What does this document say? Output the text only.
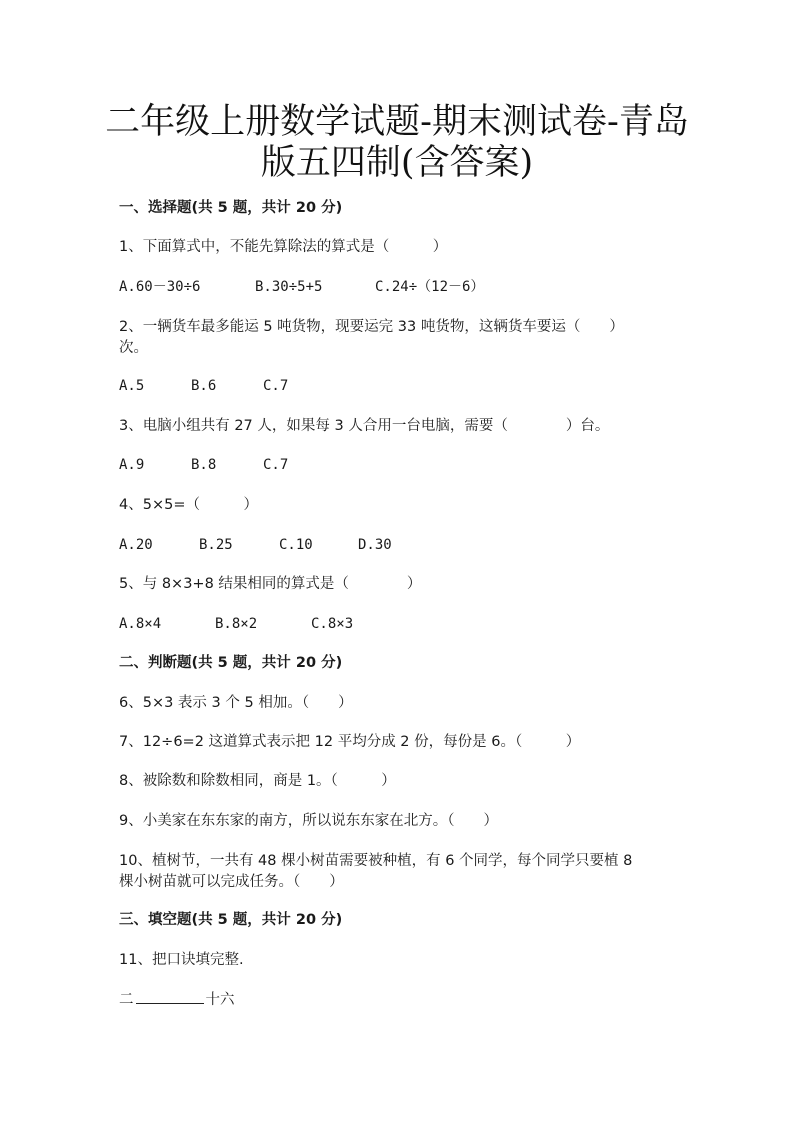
二年级上册数学试题-期末测试卷-青岛
版五四制(含答案)
一、选择题(共 5 题，共计 20 分)
1、下面算式中，不能先算除法的算式是（　　　）
A.60－30÷6	B.30÷5+5	C.24÷（12－6）
2、一辆货车最多能运 5 吨货物，现要运完 33 吨货物，这辆货车要运（　　）
次。
A.5	B.6	C.7
3、电脑小组共有 27 人，如果每 3 人合用一台电脑，需要（　　　　）台。
A.9	B.8	C.7
4、5×5=（　　　）
A.20	B.25	C.10	D.30
5、与 8×3+8 结果相同的算式是（　　　　）
A.8×4	B.8×2	C.8×3
二、判断题(共 5 题，共计 20 分)
6、5×3 表示 3 个 5 相加。（　　）
7、12÷6=2 这道算式表示把 12 平均分成 2 份，每份是 6。（　　　）
8、被除数和除数相同，商是 1。（　　　）
9、小美家在东东家的南方，所以说东东家在北方。（　　）
10、植树节，一共有 48 棵小树苗需要被种植，有 6 个同学，每个同学只要植 8
棵小树苗就可以完成任务。（　　）
三、填空题(共 5 题，共计 20 分)
11、把口诀填完整.
二	十六
